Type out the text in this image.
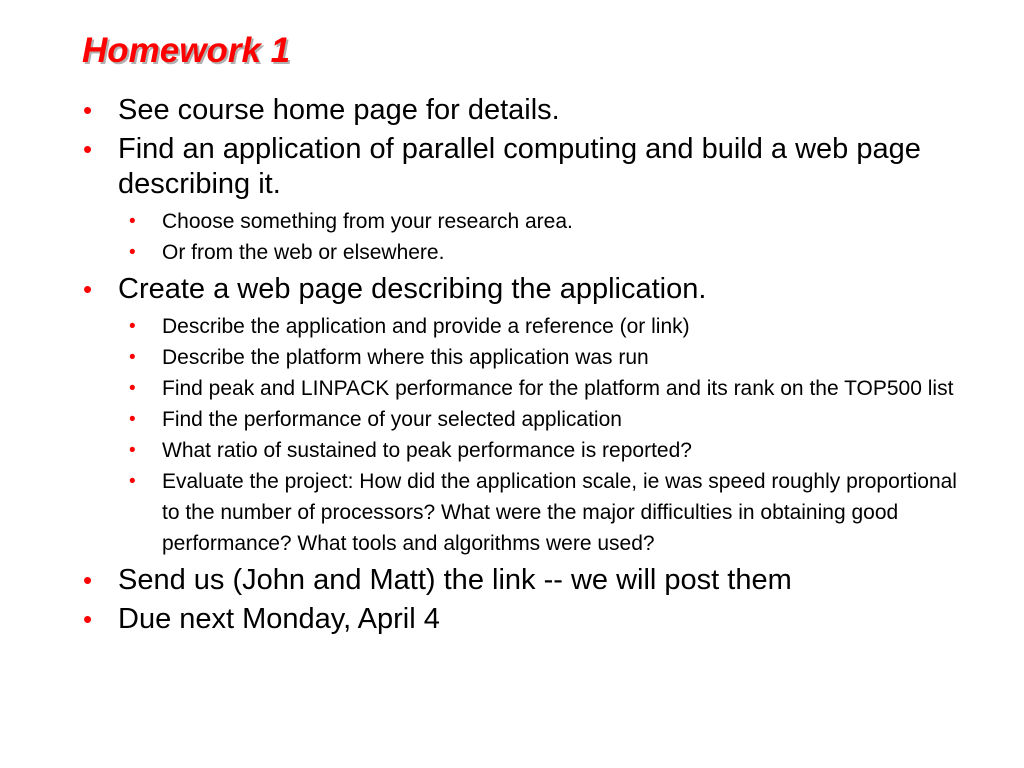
Homework 1
• See course home page for details.
• Find an application of parallel computing and build a web page describing it.
•	Choose something from your research area.
•	Or from the web or elsewhere.
• Create a web page describing the application.
•	Describe the application and provide a reference (or link)
•	Describe the platform where this application was run
•	Find peak and LINPACK performance for the platform and its rank on the TOP500 list
•	Find the performance of your selected application
•	What ratio of sustained to peak performance is reported?
•	Evaluate the project: How did the application scale, ie was speed roughly proportional to the number of processors? What were the major difficulties in obtaining good performance? What tools and algorithms were used?
• Send us (John and Matt) the link -- we will post them
• Due next Monday, April 4
